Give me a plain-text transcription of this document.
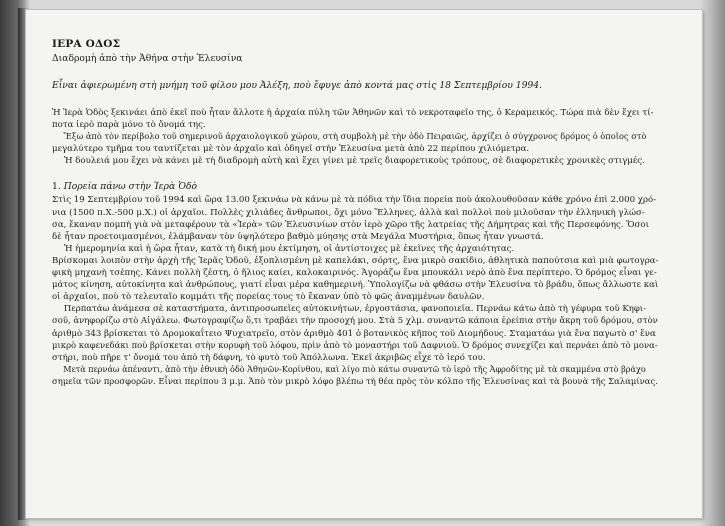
ΙΕΡΑ ΟΔΟΣ
Διαδρομὴ ἀπὸ τὴν Ἀθήνα στὴν Ἐλευσίνα
Εἶναι ἀφιερωμένη στὴ μνήμη τοῦ φίλου μου Ἀλέξη, ποὺ ἔφυγε ἀπὸ κοντά μας στὶς 18 Σεπτεμβρίου 1994.

Ἡ Ἱερὰ Ὁδὸς ξεκινάει ἀπὸ ἐκεῖ ποὺ ἦταν ἄλλοτε ἡ ἀρχαία πύλη τῶν Ἀθηνῶν καὶ τὸ νεκροταφεῖο της, ὁ Κεραμεικός. Τώρα πιὰ δὲν ἔχει τί-
ποτα ἱερὸ παρὰ μόνο τὸ ὄνομά της.

Ἔξω ἀπὸ τὸν περίβολο τοῦ σημερινοῦ ἀρχαιολογικοῦ χώρου, στὴ συμβολὴ μὲ τὴν ὁδὸ Πειραιῶς, ἀρχίζει ὁ σύγχρονος δρόμος ὁ ὁποῖος στὸ
μεγαλύτερο τμῆμα του ταυτίζεται μὲ τὸν ἀρχαῖο καὶ ὁδηγεῖ στὴν Ἐλευσίνα μετὰ ἀπὸ 22 περίπου χιλιόμετρα.

Ἡ δουλειά μου ἔχει νὰ κάνει μὲ τὴ διαδρομὴ αὐτὴ καὶ ἔχει γίνει μὲ τρεῖς διαφορετικοὺς τρόπους, σὲ διαφορετικὲς χρονικὲς στιγμές.

1. Πορεία πάνω στὴν Ἱερὰ Ὁδὸ

Στὶς 19 Σεπτεμβρίου τοῦ 1994 καὶ ὥρα 13.00 ξεκινάω νὰ κάνω μὲ τὰ πόδια τὴν ἴδια πορεία ποὺ ἀκολουθοῦσαν κάθε χρόνο ἐπὶ 2.000 χρό-
νια (1500 π.Χ.-500 μ.Χ.) οἱ ἀρχαῖοι. Πολλὲς χιλιάδες ἄνθρωποι, ὄχι μόνο Ἕλληνες, ἀλλὰ καὶ πολλοὶ ποὺ μιλοῦσαν τὴν ἑλληνικὴ γλώσ-
σα, ἔκαναν πομπὴ γιὰ νὰ μεταφέρουν τὰ «Ἱερὰ» τῶν Ἐλευσινίων στὸν ἱερὸ χῶρο τῆς λατρείας τῆς Δήμητρας καὶ τῆς Περσεφόνης. Ὅσοι
δὲ ἦταν προετοιμασμένοι, ἐλάμβαναν τὸν ὑψηλότερο βαθμὸ μύησης στὰ Μεγάλα Μυστήρια, ὅπως ἦταν γνωστά.

Ἡ ἡμερομηνία καὶ ἡ ὥρα ἦταν, κατὰ τὴ δική μου ἐκτίμηση, οἱ ἀντίστοιχες μὲ ἐκεῖνες τῆς ἀρχαιότητας.

Βρίσκομαι λοιπὸν στὴν ἀρχὴ τῆς Ἱερᾶς Ὁδοῦ, ἐξοπλισμένη μὲ καπελάκι, σόρτς, ἕνα μικρὸ σακίδιο, ἀθλητικὰ παπούτσια καὶ μιὰ φωτογρα-
φικὴ μηχανὴ τσέπης. Κάνει πολλὴ ζέστη, ὁ ἥλιος καίει, καλοκαιρινός. Ἀγοράζω ἕνα μπουκάλι νερὸ ἀπὸ ἕνα περίπτερο. Ὁ δρόμος εἶναι γε-
μάτος κίνηση, αὐτοκίνητα καὶ ἀνθρώπους, γιατί εἶναι μέρα καθημερινή. Ὑπολογίζω νὰ φθάσω στὴν Ἐλευσίνα τὸ βράδυ, ὅπως ἄλλωστε καὶ
οἱ ἀρχαῖοι, ποὺ τὸ τελευταῖο κομμάτι τῆς πορείας τους τὸ ἔκαναν ὑπὸ τὸ φῶς ἀναμμένων δαυλῶν.

Περπατάω ἀνάμεσα σὲ καταστήματα, ἀντιπροσωπεῖες αὐτοκινήτων, ἐργοστάσια, φανοποιεῖα. Περνάω κάτω ἀπὸ τὴ γέφυρα τοῦ Κηφι-
σοῦ, ἀνηφορίζω στὸ Αἰγάλεω. Φωτογραφίζω ὅ,τι τραβάει τὴν προσοχή μου. Στὰ 5 χλμ. συναντῶ κάποια ἐρείπια στὴν ἄκρη τοῦ δρόμου, στὸν
ἀριθμὸ 343 βρίσκεται τὸ Δρομοκαΐτειο Ψυχιατρεῖο, στὸν ἀριθμὸ 401 ὁ βοτανικὸς κῆπος τοῦ Διομήδους. Σταματάω γιὰ ἕνα παγωτὸ σ' ἕνα
μικρὸ καφενεδάκι ποὺ βρίσκεται στὴν κορυφὴ τοῦ λόφου, πρὶν ἀπὸ τὸ μοναστήρι τοῦ Δαφνιοῦ. Ὁ δρόμος συνεχίζει καὶ περνάει ἀπὸ τὸ μονα-
στήρι, ποὺ πῆρε τ' ὄνομά του ἀπὸ τὴ δάφνη, τὸ φυτὸ τοῦ Ἀπόλλωνα. Ἐκεῖ ἀκριβῶς εἶχε τὸ ἱερό του.

Μετὰ περνάω ἀπέναντι, ἀπὸ τὴν ἐθνικὴ ὁδὸ Ἀθηνῶν-Κορίνθου, καὶ λίγο πιὸ κάτω συναντῶ τὸ ἱερὸ τῆς Ἀφροδίτης μὲ τὰ σκαμμένα στὸ βράχο
σημεῖα τῶν προσφορῶν. Εἶναι περίπου 3 μ.μ. Ἀπὸ τὸν μικρὸ λόφο βλέπω τὴ θέα πρὸς τὸν κόλπο τῆς Ἐλευσίνας καὶ τὰ βουνὰ τῆς Σαλαμίνας.
